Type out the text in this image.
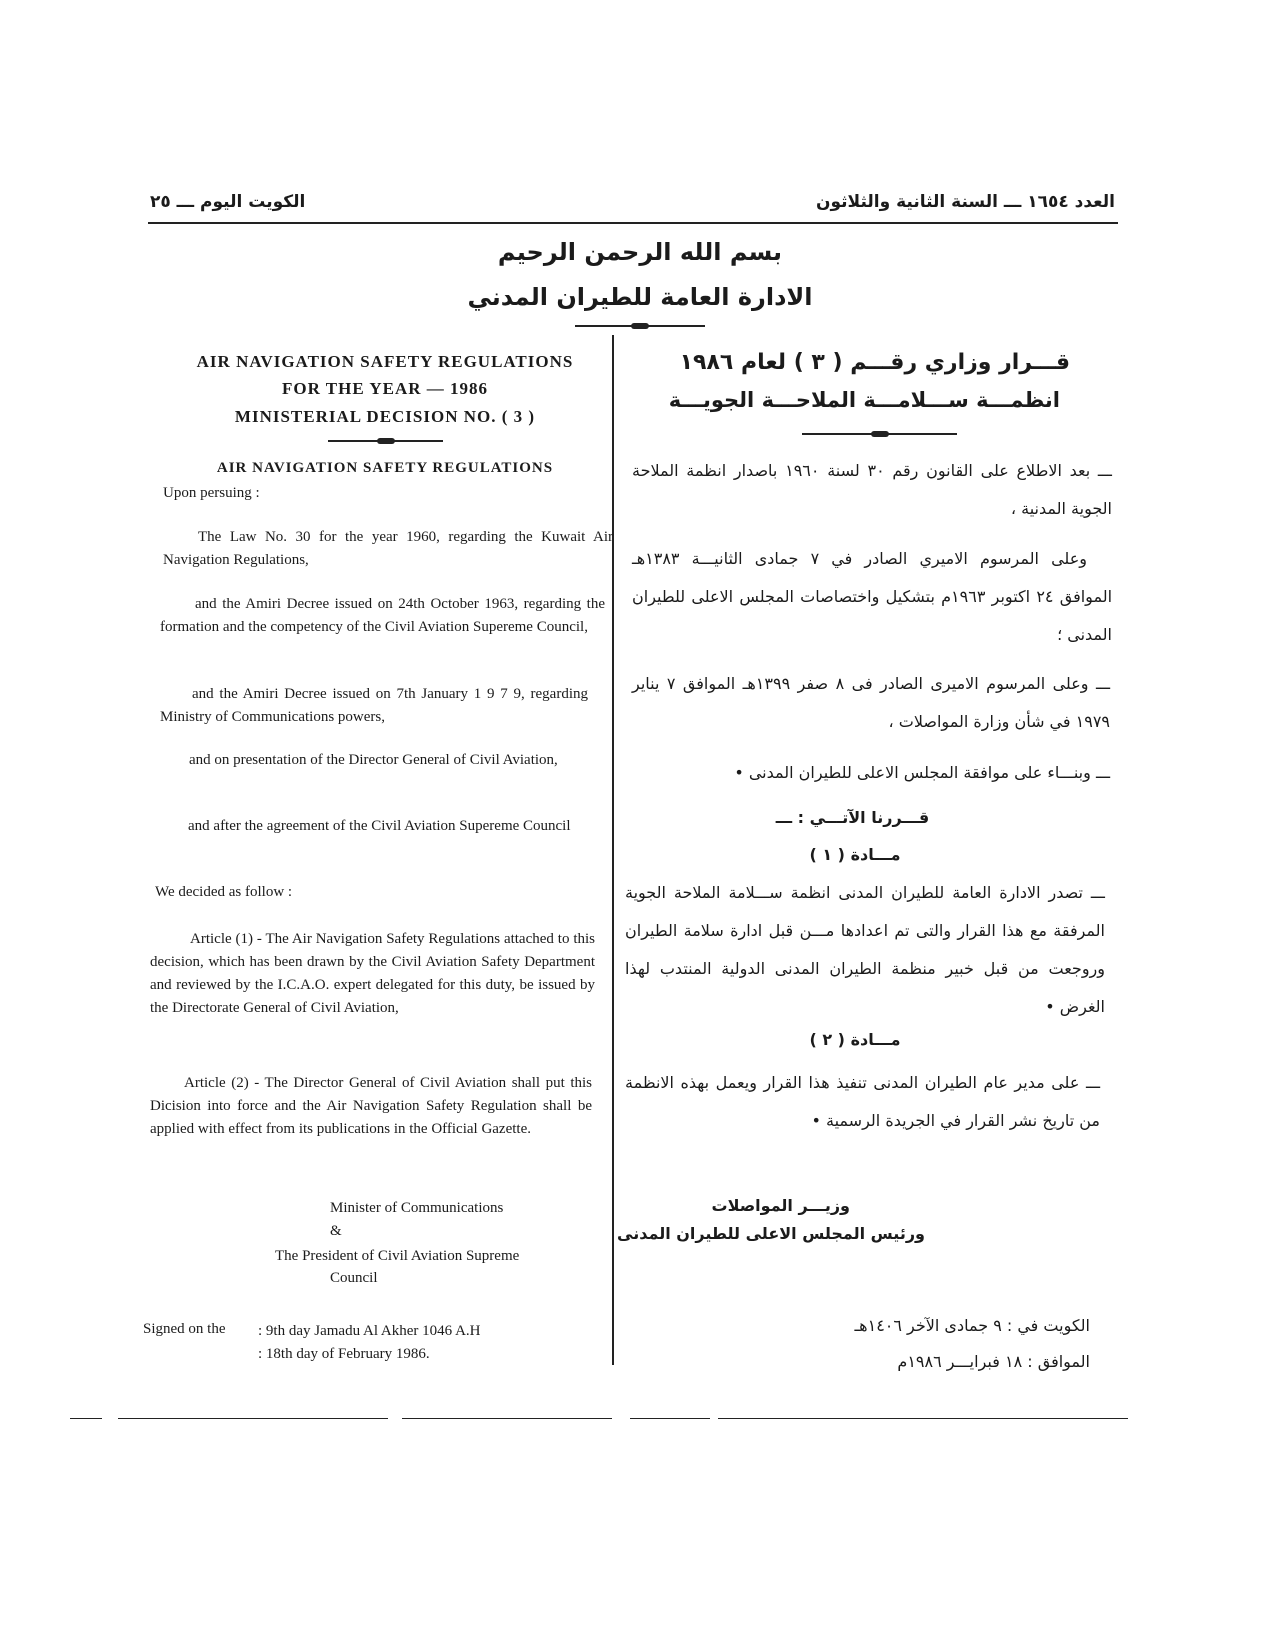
الكويت اليوم ـــ ٢٥	العدد ١٦٥٤ ـــ السنة الثانية والثلاثون
بسم الله الرحمن الرحيم
الادارة العامة للطيران المدني
AIR NAVIGATION SAFETY REGULATIONS
FOR THE YEAR — 1986
MINISTERIAL DECISION NO. ( 3 )
AIR NAVIGATION SAFETY REGULATIONS
Upon persuing :
The Law No. 30 for the year 1960, regarding the Kuwait Air Navigation Regulations,
and the Amiri Decree issued on 24th October 1963, regarding the formation and the competency of the Civil Aviation Supereme Council,
and the Amiri Decree issued on 7th January 1 9 7 9, regarding Ministry of Communications powers,
and on presentation of the Director General of Civil Aviation,
and after the agreement of the Civil Aviation Supereme Council
We decided as follow :
Article (1) - The Air Navigation Safety Regulations attached to this decision, which has been drawn by the Civil Aviation Safety Department and reviewed by the I.C.A.O. expert delegated for this duty, be issued by the Directorate General of Civil Aviation,
Article (2) - The Director General of Civil Aviation shall put this Dicision into force and the Air Navigation Safety Regulation shall be applied with effect from its publications in the Official Gazette.
Minister of Communications
&
The President of Civil Aviation Supreme
Council
Signed on the	: 9th day Jamadu Al Akher 1046 A.H
: 18th day of February 1986.
قـــرار وزاري رقـــم ( ٣ ) لعام ١٩٨٦
انظمـــة ســـلامـــة الملاحـــة الجويـــة
ـــ بعد الاطلاع على القانون رقم ٣٠ لسنة ١٩٦٠ باصدار انظمة الملاحة الجوية المدنية ،
وعلى المرسوم الاميري الصادر في ٧ جمادى الثانيـــة ١٣٨٣هـ الموافق ٢٤ اكتوبر ١٩٦٣م بتشكيل واختصاصات المجلس الاعلى للطيران المدنى ؛
ـــ وعلى المرسوم الاميرى الصادر فى ٨ صفر ١٣٩٩هـ الموافق ٧ يناير ١٩٧٩ في شأن وزارة المواصلات ،
ـــ وبنـــاء على موافقة المجلس الاعلى للطيران المدنى •
قـــررنا الآتـــي : ـــ
مـــادة ( ١ )
ـــ تصدر الادارة العامة للطيران المدنى انظمة ســـلامة الملاحة الجوية المرفقة مع هذا القرار والتى تم اعدادها مـــن قبل ادارة سلامة الطيران وروجعت من قبل خبير منظمة الطيران المدنى الدولية المنتدب لهذا الغرض •
مـــادة ( ٢ )
ـــ على مدير عام الطيران المدنى تنفيذ هذا القرار ويعمل بهذه الانظمة من تاريخ نشر القرار في الجريدة الرسمية •
وزيـــر المواصلات
ورئيس المجلس الاعلى للطيران المدنى
الكويت في : ٩ جمادى الآخر ١٤٠٦هـ
الموافق : ١٨ فبرايـــر ١٩٨٦م
